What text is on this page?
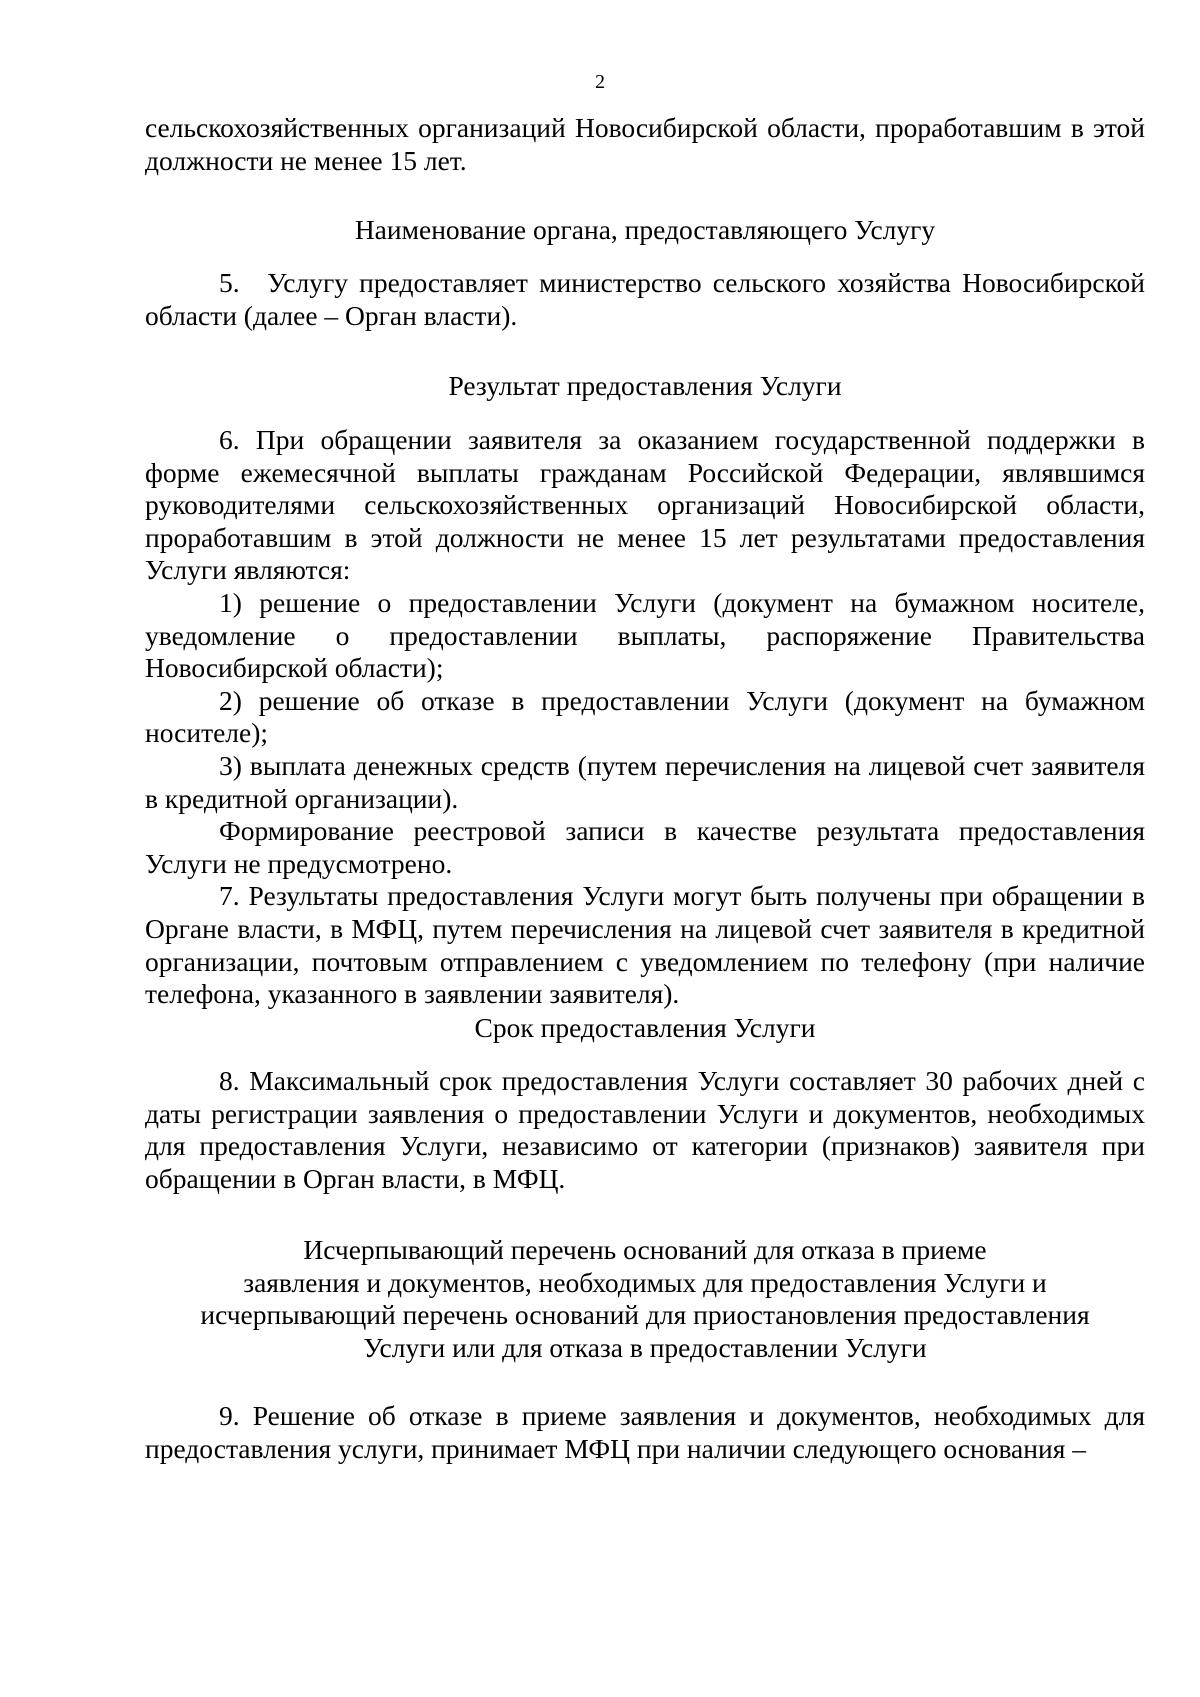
2

сельскохозяйственных организаций Новосибирской области, проработавшим в этой должности не менее 15 лет.

Наименование органа, предоставляющего Услугу

5. Услугу предоставляет министерство сельского хозяйства Новосибирской области (далее – Орган власти).

Результат предоставления Услуги

6. При обращении заявителя за оказанием государственной поддержки в форме ежемесячной выплаты гражданам Российской Федерации, являвшимся руководителями сельскохозяйственных организаций Новосибирской области, проработавшим в этой должности не менее 15 лет результатами предоставления Услуги являются:

1) решение о предоставлении Услуги (документ на бумажном носителе, уведомление о предоставлении выплаты, распоряжение Правительства Новосибирской области);

2) решение об отказе в предоставлении Услуги (документ на бумажном носителе);

3) выплата денежных средств (путем перечисления на лицевой счет заявителя в кредитной организации).

Формирование реестровой записи в качестве результата предоставления Услуги не предусмотрено.

7. Результаты предоставления Услуги могут быть получены при обращении в Органе власти, в МФЦ, путем перечисления на лицевой счет заявителя в кредитной организации, почтовым отправлением с уведомлением по телефону (при наличие телефона, указанного в заявлении заявителя).

Срок предоставления Услуги

8. Максимальный срок предоставления Услуги составляет 30 рабочих дней с даты регистрации заявления о предоставлении Услуги и документов, необходимых для предоставления Услуги, независимо от категории (признаков) заявителя при обращении в Орган власти, в МФЦ.

Исчерпывающий перечень оснований для отказа в приеме
заявления и документов, необходимых для предоставления Услуги и
исчерпывающий перечень оснований для приостановления предоставления
Услуги или для отказа в предоставлении Услуги

9. Решение об отказе в приеме заявления и документов, необходимых для предоставления услуги, принимает МФЦ при наличии следующего основания –
